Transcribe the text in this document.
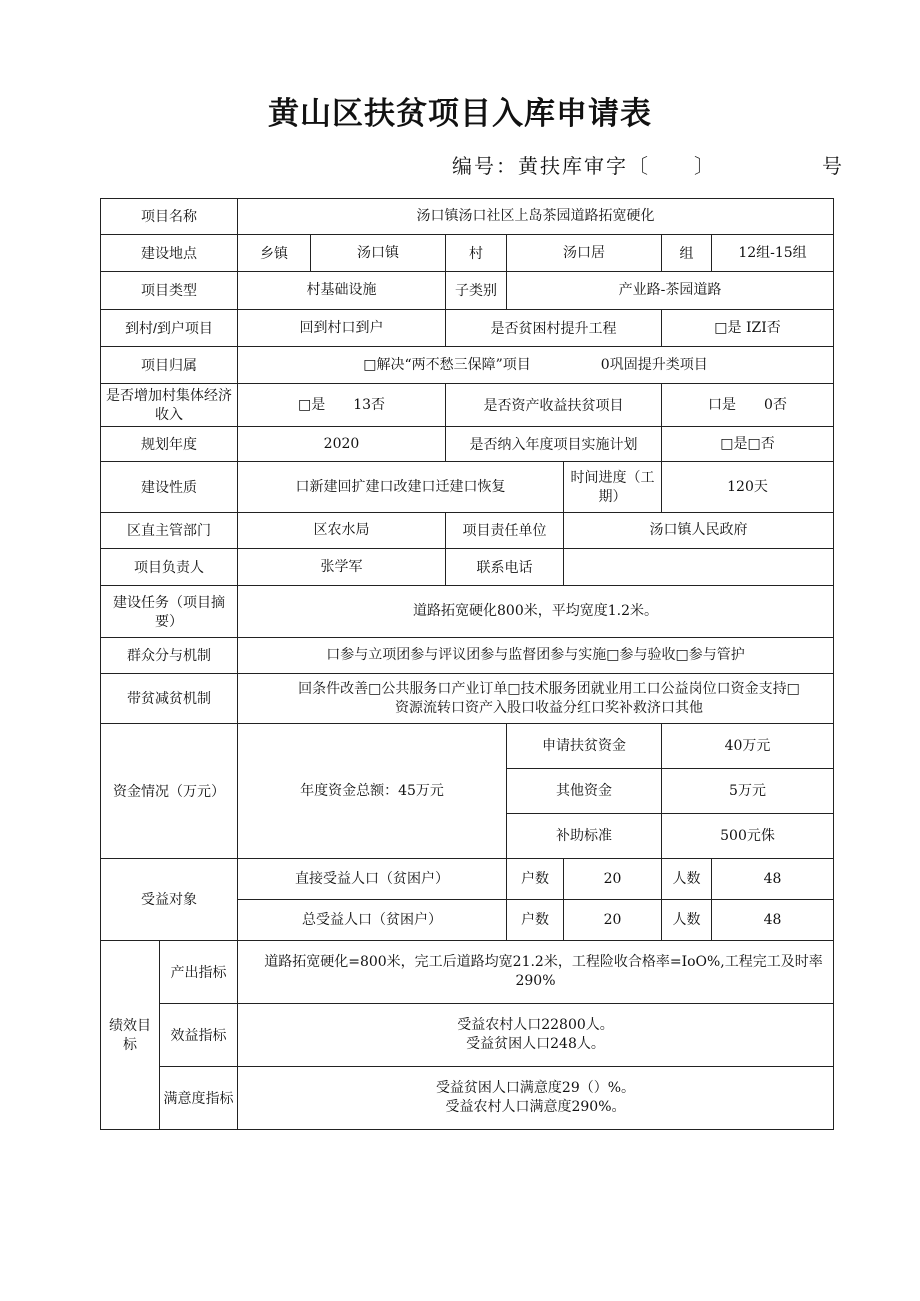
黄山区扶贫项目入库申请表
编号：黄扶库审字〔 〕	号
项目名称		汤口镇汤口社区上岛茶园道路拓宽硬化						
建设地点		乡镇	汤口镇	村	汤口居		组	12组-15组
项目类型		村基础设施		子类别	产业路-茶园道路			
到村/到户项目		回到村口到户		是否贫困村提升工程			□是 IZI否	
项目归属		□解决“两不愁三保障”项目　　　　　0巩固提升类项目						
是否增加村集体经济收入		□是　　13否		是否资产收益扶贫项目			口是　　0否	
规划年度		2020		是否纳入年度项目实施计划			□是□否	
建设性质		口新建回扩建口改建口迁建口恢复				时间进度（工期）	120天	
区直主管部门		区农水局		项目责任单位		汤口镇人民政府		
项目负责人		张学军		联系电话				
建设任务（项目摘要）		道路拓宽硬化800米，平均宽度1.2米。						
群众分与机制		口参与立项团参与评议团参与监督团参与实施□参与验收□参与管护						
带贫减贫机制		回条件改善□公共服务口产业订单□技术服务团就业用工口公益岗位口资金支持□
资源流转口资产入股口收益分红口奖补救济口其他						

资金情况（万元）		年度资金总额：45万元			申请扶贫资金		40万元	
					其他资金		5万元	
					补助标准		500元侏	
受益对象		直接受益人口（贫困户）			户数	20	人数	48
		总受益人口（贫困户）			户数	20	人数	48
绩效目标	产出指标	道路拓宽硬化=800米，完工后道路均宽21.2米，工程险收合格率=IoO%,工程完工及时率290%						
	效益指标	受益农村人口22800人。
受益贫困人口248人。						

	满意度指标	受益贫困人口满意度29（）%。
受益农村人口满意度290%。						
